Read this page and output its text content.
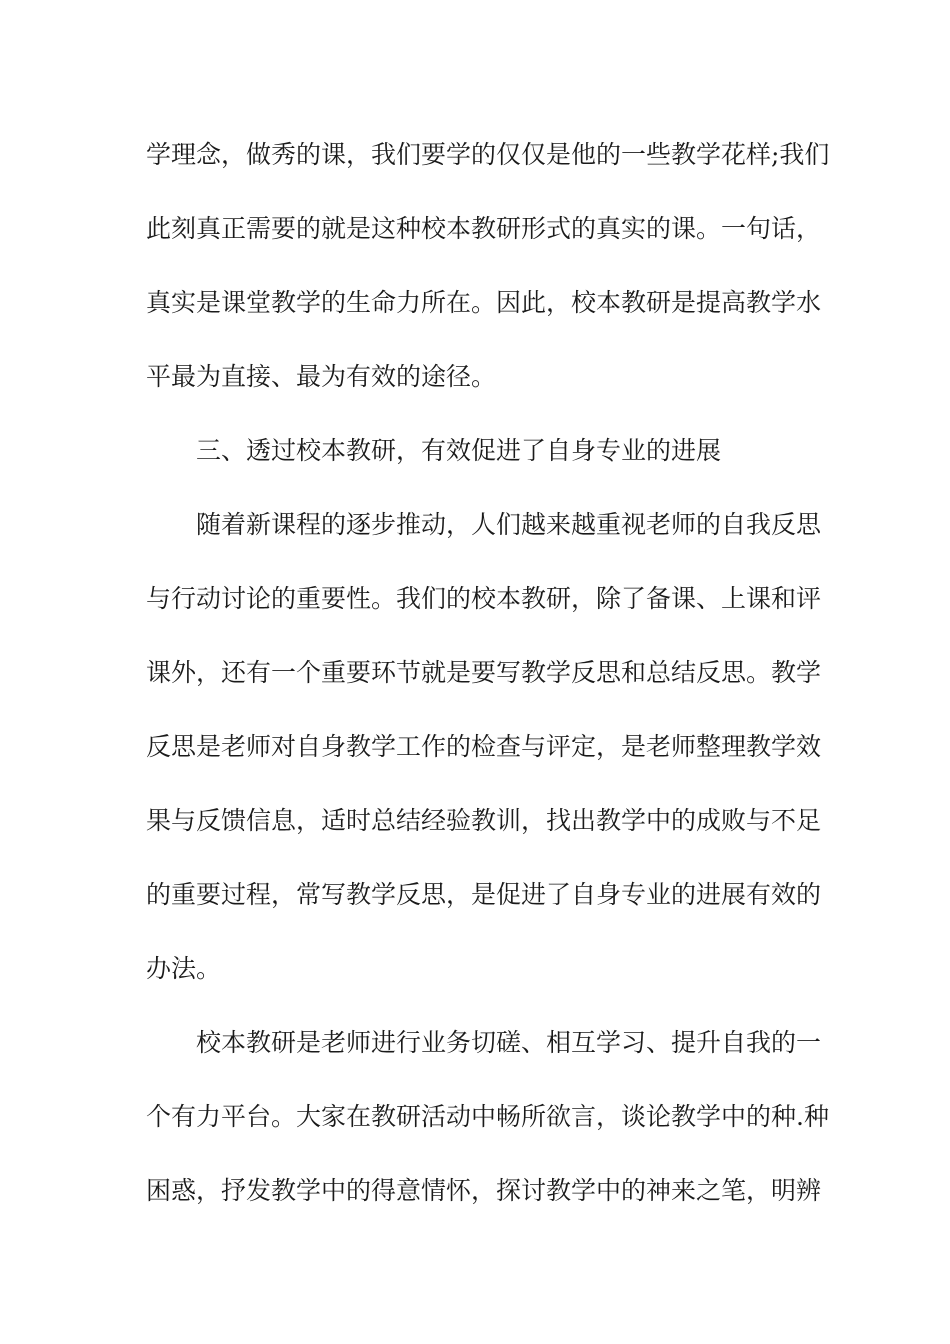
学理念，做秀的课，我们要学的仅仅是他的一些教学花样;我们
此刻真正需要的就是这种校本教研形式的真实的课。一句话，
真实是课堂教学的生命力所在。因此，校本教研是提高教学水
平最为直接、最为有效的途径。
三、透过校本教研，有效促进了自身专业的进展
随着新课程的逐步推动，人们越来越重视老师的自我反思
与行动讨论的重要性。我们的校本教研，除了备课、上课和评
课外，还有一个重要环节就是要写教学反思和总结反思。教学
反思是老师对自身教学工作的检查与评定，是老师整理教学效
果与反馈信息，适时总结经验教训，找出教学中的成败与不足
的重要过程，常写教学反思，是促进了自身专业的进展有效的
办法。
校本教研是老师进行业务切磋、相互学习、提升自我的一
个有力平台。大家在教研活动中畅所欲言，谈论教学中的种.种
困惑，抒发教学中的得意情怀，探讨教学中的神来之笔，明辨
